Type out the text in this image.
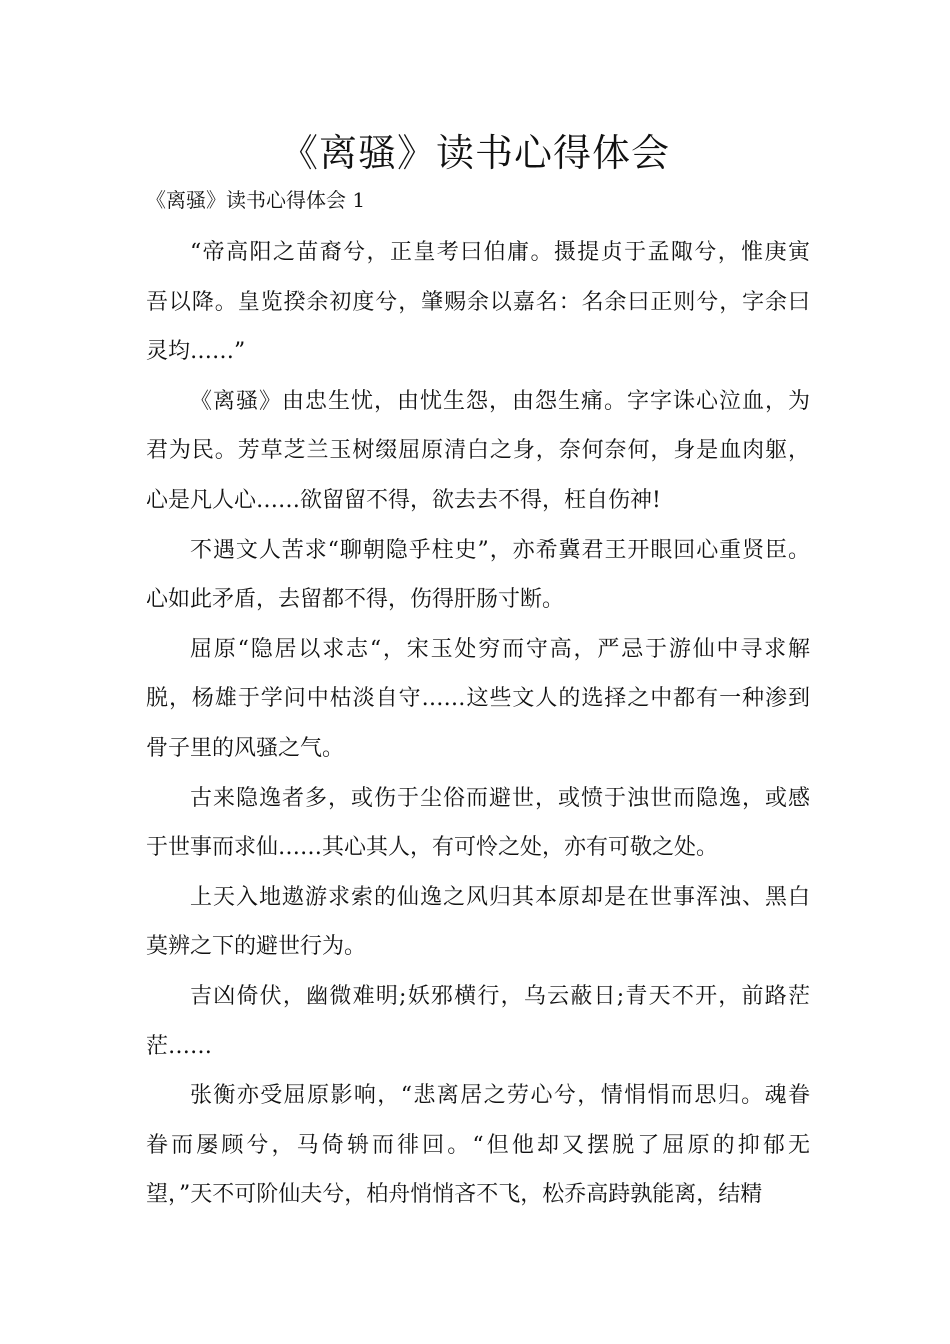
《离骚》读书心得体会

《离骚》读书心得体会 1

“帝高阳之苗裔兮，正皇考曰伯庸。摄提贞于孟陬兮，惟庚寅
吾以降。皇览揆余初度兮，肇赐余以嘉名：名余曰正则兮，字余曰
灵均……”
《离骚》由忠生忧，由忧生怨，由怨生痛。字字诛心泣血，为
君为民。芳草芝兰玉树缀屈原清白之身，奈何奈何，身是血肉躯，
心是凡人心……欲留留不得，欲去去不得，枉自伤神!
不遇文人苦求“聊朝隐乎柱史”，亦希冀君王开眼回心重贤臣。
心如此矛盾，去留都不得，伤得肝肠寸断。
屈原“隐居以求志“，宋玉处穷而守高，严忌于游仙中寻求解
脱，杨雄于学问中枯淡自守……这些文人的选择之中都有一种渗到
骨子里的风骚之气。
古来隐逸者多，或伤于尘俗而避世，或愤于浊世而隐逸，或感
于世事而求仙……其心其人，有可怜之处，亦有可敬之处。
上天入地遨游求索的仙逸之风归其本原却是在世事浑浊、黑白
莫辨之下的避世行为。
吉凶倚伏，幽微难明;妖邪横行，乌云蔽日;青天不开，前路茫
茫……
张衡亦受屈原影响，“悲离居之劳心兮，情悁悁而思归。魂眷
眷而屡顾兮，马倚辀而徘回。“但他却又摆脱了屈原的抑郁无
望，”天不可阶仙夫兮，柏舟悄悄吝不飞，松乔高跱孰能离，结精
